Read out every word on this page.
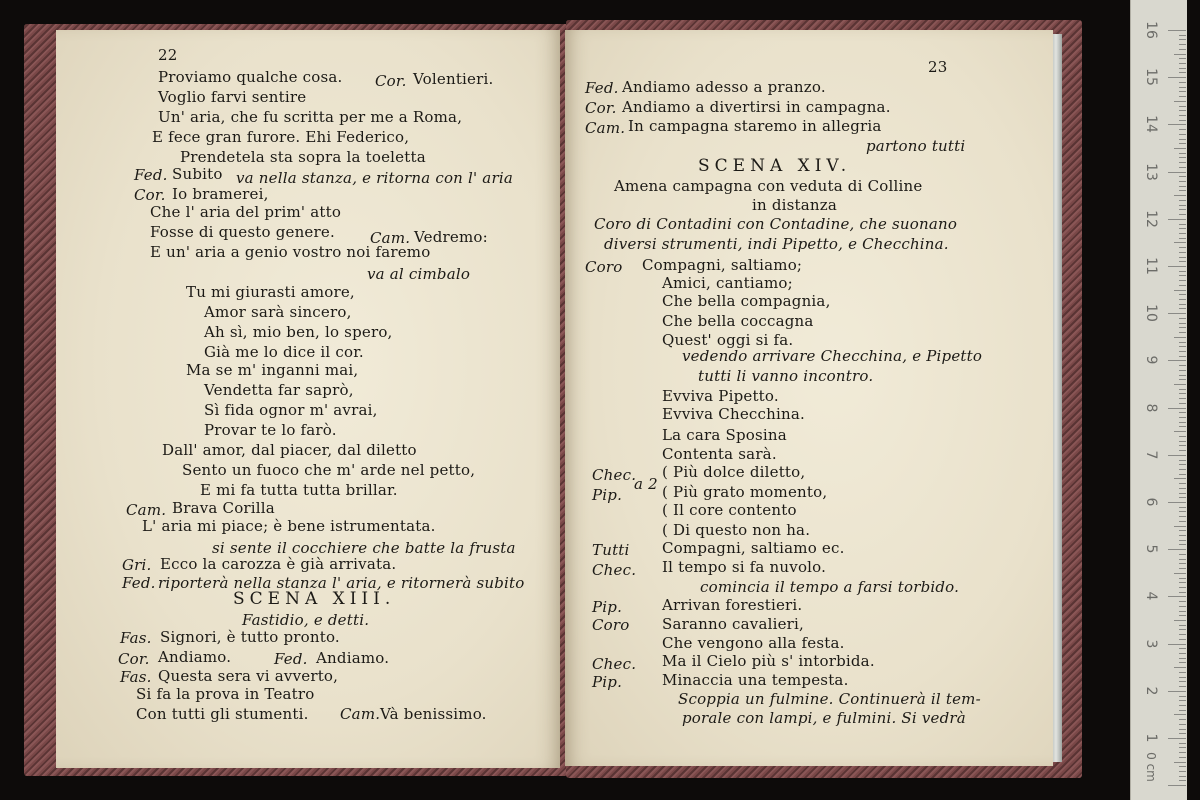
22
Proviamo qualche cosa. Cor. Volentieri.
Voglio farvi sentire
Un' aria, che fu scritta per me a Roma,
E fece gran furore. Ehi Federico,
Prendetela sta sopra la toeletta
Fed. Subito va nella stanza, e ritorna con l' aria
Cor. Io bramerei,
Che l' aria del prim' atto
Fosse di questo genere. Cam. Vedremo:
E un' aria a genio vostro noi faremo
va al cimbalo
Tu mi giurasti amore,
Amor sarà sincero,
Ah sì, mio ben, lo spero,
Già me lo dice il cor.
Ma se m' inganni mai,
Vendetta far saprò,
Sì fida ognor m' avrai,
Provar te lo farò.
Dall' amor, dal piacer, dal diletto
Sento un fuoco che m' arde nel petto,
E mi fa tutta tutta brillar.
Cam. Brava Corilla
L' aria mi piace; è bene istrumentata.
si sente il cocchiere che batte la frusta
Gri. Ecco la carozza è già arrivata.
Fed. riporterà nella stanza l' aria, e ritornerà subito
SCENA XIII.
Fastidio, e detti.
Fas. Signori, è tutto pronto.
Cor. Andiamo.	Fed. Andiamo.
Fas. Questa sera vi avverto,
Si fa la prova in Teatro
Con tutti gli stumenti. Cam. Và benissimo.
23
Fed. Andiamo adesso a pranzo.
Cor. Andiamo a divertirsi in campagna.
Cam. In campagna staremo in allegria
partono tutti
SCENA XIV.
Amena campagna con veduta di Colline
in distanza
Coro di Contadini con Contadine, che suonano
diversi strumenti, indi Pipetto, e Checchina.
Coro Compagni, saltiamo;
Amici, cantiamo;
Che bella compagnia,
Che bella coccagna
Quest' oggi si fa.
vedendo arrivare Checchina, e Pipetto
tutti li vanno incontro.
Evviva Pipetto.
Evviva Checchina.
La cara Sposina
Contenta sarà.
Chec. ( Più dolce diletto,
a 2
Pip.	( Più grato momento,
( Il core contento
( Di questo non ha.
Tutti Compagni, saltiamo ec.
Chec. Il tempo si fa nuvolo.
comincia il tempo a farsi torbido.
Pip.	Arrivan forestieri.
Coro Saranno cavalieri,
Che vengono alla festa.
Chec. Ma il Cielo più s' intorbida.
Pip.	Minaccia una tempesta.
Scoppia un fulmine. Continuerà il tem-
porale con lampi, e fulmini. Si vedrà
16
15
14
13
12
11
10
9
8
7
6
5
4
3
2
1
0 cm
